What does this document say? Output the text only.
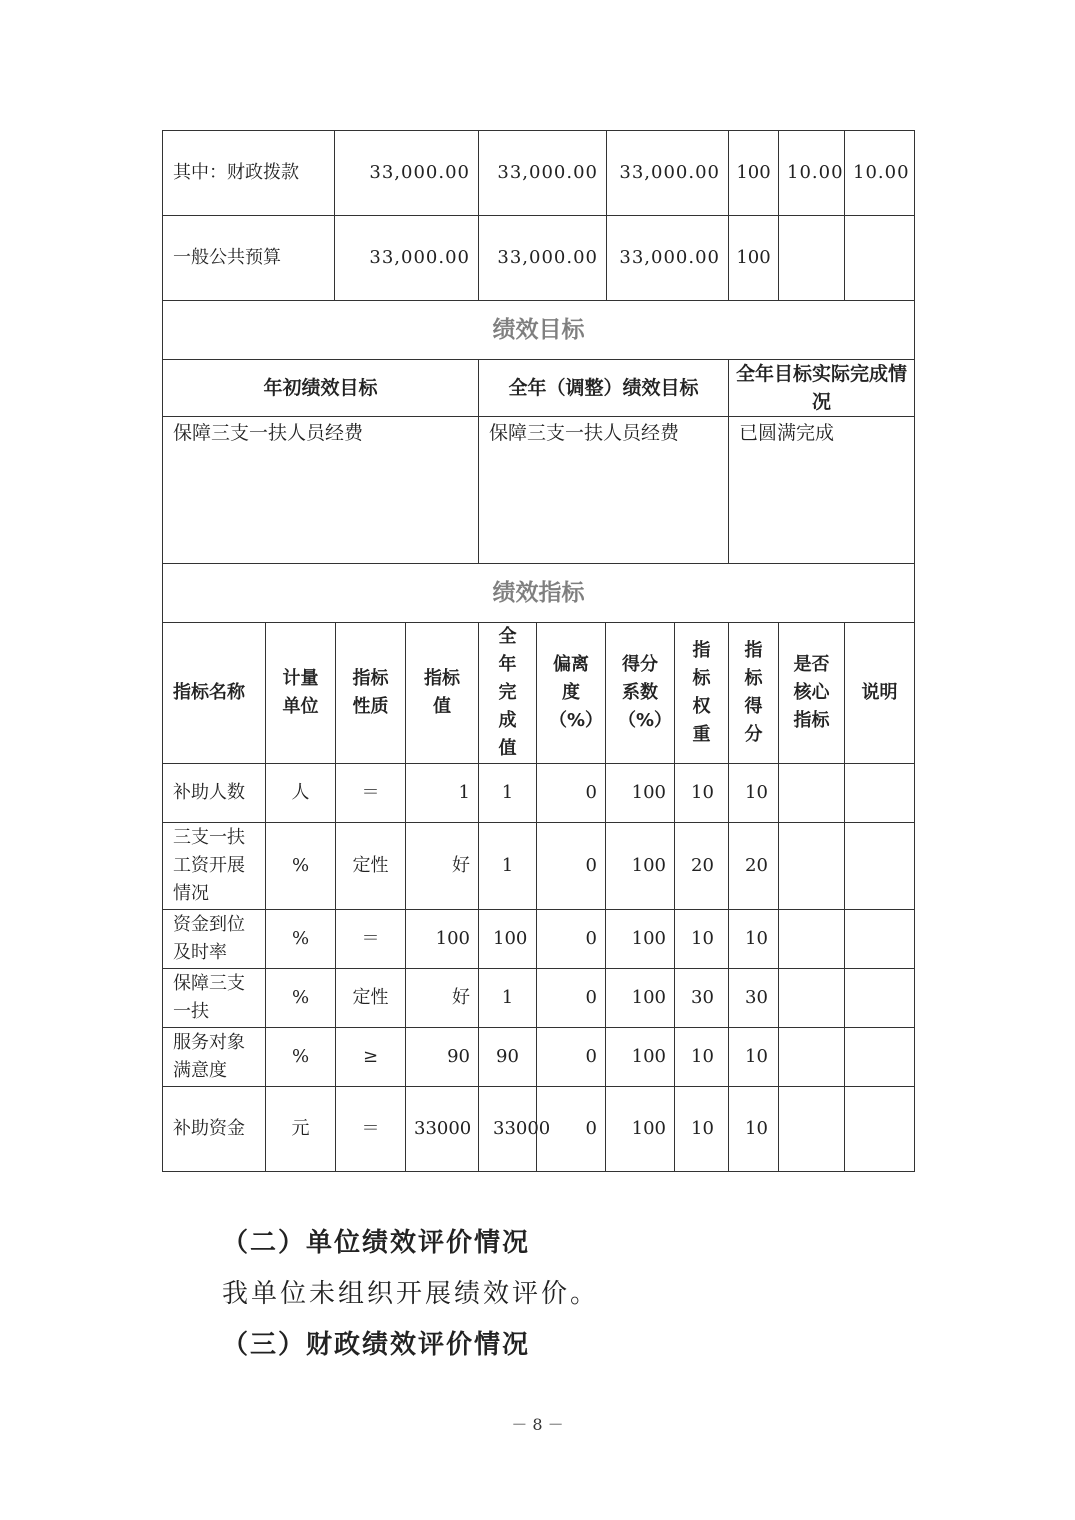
其中：财政拨款	33,000.00	33,000.00	33,000.00	100	10.00	10.00
一般公共预算	33,000.00	33,000.00	33,000.00	100		
绩效目标		
年初绩效目标	全年（调整）绩效目标	全年目标实际完成情况
保障三支一扶人员经费	保障三支一扶人员经费	已圆满完成
绩效指标		
指标名称	计量单位	指标性质	指标值	全年完成值	偏离度（%）	得分系数（%）	指标权重	指标得分	是否核心指标	说明
补助人数	人	＝	1	1	0	100	10	10		
三支一扶工资开展情况	%	定性	好	1	0	100	20	20		
资金到位及时率	%	＝	100	100	0	100	10	10		
保障三支一扶	%	定性	好	1	0	100	30	30		
服务对象满意度	%	≥	90	90	0	100	10	10		
补助资金	元	＝	33000	33000	0	100	10	10		
（二）单位绩效评价情况
我单位未组织开展绩效评价。
（三）财政绩效评价情况
－ 8 －
